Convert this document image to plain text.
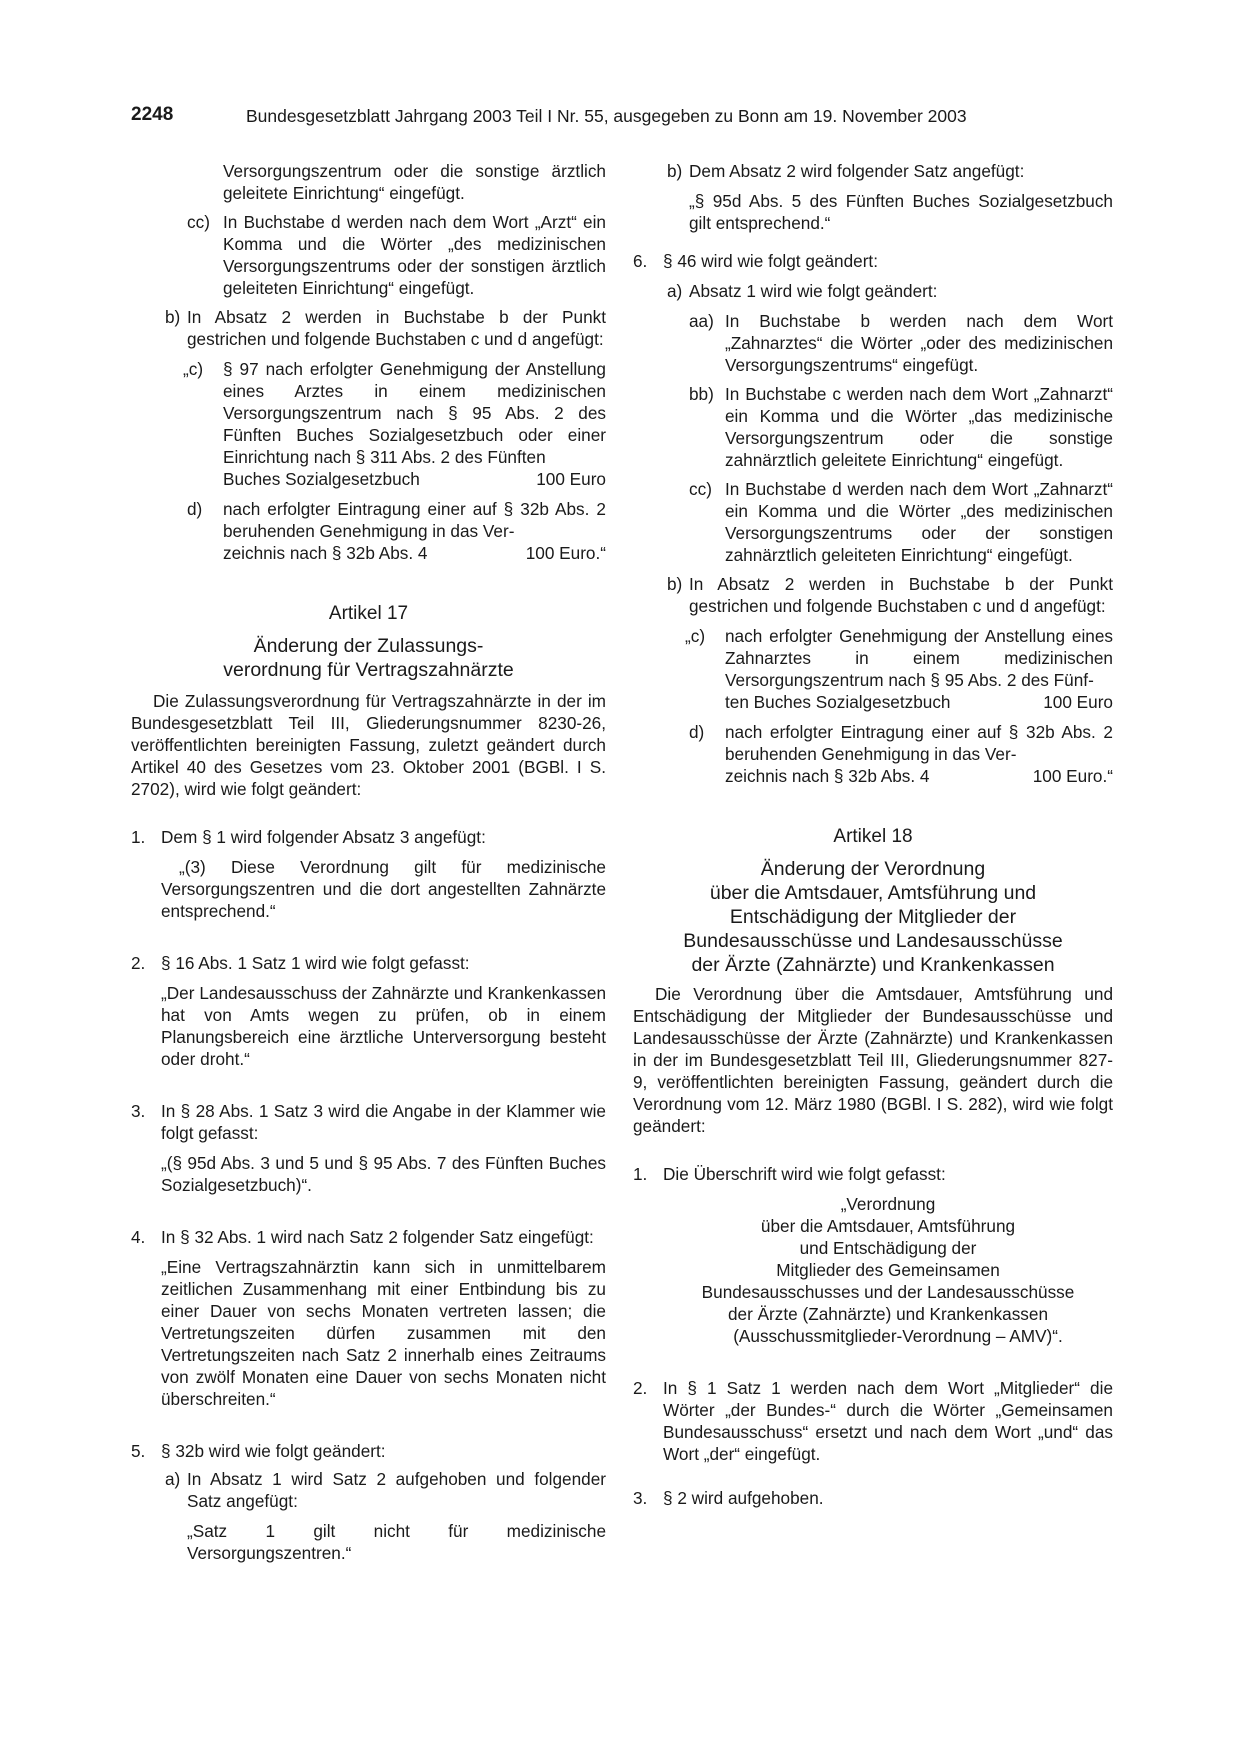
2248	Bundesgesetzblatt Jahrgang 2003 Teil I Nr. 55, ausgegeben zu Bonn am 19. November 2003
Versorgungszentrum oder die sonstige ärztlich geleitete Einrichtung“ eingefügt.
cc) In Buchstabe d werden nach dem Wort „Arzt“ ein Komma und die Wörter „des medizinischen Versorgungszentrums oder der sonstigen ärztlich geleiteten Einrichtung“ eingefügt.
b) In Absatz 2 werden in Buchstabe b der Punkt gestrichen und folgende Buchstaben c und d angefügt:
„c) § 97 nach erfolgter Genehmigung der Anstellung eines Arztes in einem medizinischen Versorgungszentrum nach § 95 Abs. 2 des Fünften Buches Sozialgesetzbuch oder einer Einrichtung nach § 311 Abs. 2 des Fünften
Buches Sozialgesetzbuch	100 Euro
d) nach erfolgter Eintragung einer auf § 32b Abs. 2 beruhenden Genehmigung in das Ver-
zeichnis nach § 32b Abs. 4	100 Euro.“
Artikel 17
Änderung der Zulassungs-
verordnung für Vertragszahnärzte
Die Zulassungsverordnung für Vertragszahnärzte in der im Bundesgesetzblatt Teil III, Gliederungsnummer 8230-26, veröffentlichten bereinigten Fassung, zuletzt geändert durch Artikel 40 des Gesetzes vom 23. Oktober 2001 (BGBl. I S. 2702), wird wie folgt geändert:
1. Dem § 1 wird folgender Absatz 3 angefügt:
„(3) Diese Verordnung gilt für medizinische Versorgungszentren und die dort angestellten Zahnärzte entsprechend.“
2. § 16 Abs. 1 Satz 1 wird wie folgt gefasst:
„Der Landesausschuss der Zahnärzte und Krankenkassen hat von Amts wegen zu prüfen, ob in einem Planungsbereich eine ärztliche Unterversorgung besteht oder droht.“
3. In § 28 Abs. 1 Satz 3 wird die Angabe in der Klammer wie folgt gefasst:
„(§ 95d Abs. 3 und 5 und § 95 Abs. 7 des Fünften Buches Sozialgesetzbuch)“.
4. In § 32 Abs. 1 wird nach Satz 2 folgender Satz eingefügt:
„Eine Vertragszahnärztin kann sich in unmittelbarem zeitlichen Zusammenhang mit einer Entbindung bis zu einer Dauer von sechs Monaten vertreten lassen; die Vertretungszeiten dürfen zusammen mit den Vertretungszeiten nach Satz 2 innerhalb eines Zeitraums von zwölf Monaten eine Dauer von sechs Monaten nicht überschreiten.“
5. § 32b wird wie folgt geändert:
a) In Absatz 1 wird Satz 2 aufgehoben und folgender Satz angefügt:
„Satz 1 gilt nicht für medizinische Versorgungszentren.“
b) Dem Absatz 2 wird folgender Satz angefügt:
„§ 95d Abs. 5 des Fünften Buches Sozialgesetzbuch gilt entsprechend.“
6. § 46 wird wie folgt geändert:
a) Absatz 1 wird wie folgt geändert:
aa) In Buchstabe b werden nach dem Wort „Zahnarztes“ die Wörter „oder des medizinischen Versorgungszentrums“ eingefügt.
bb) In Buchstabe c werden nach dem Wort „Zahnarzt“ ein Komma und die Wörter „das medizinische Versorgungszentrum oder die sonstige zahnärztlich geleitete Einrichtung“ eingefügt.
cc) In Buchstabe d werden nach dem Wort „Zahnarzt“ ein Komma und die Wörter „des medizinischen Versorgungszentrums oder der sonstigen zahnärztlich geleiteten Einrichtung“ eingefügt.
b) In Absatz 2 werden in Buchstabe b der Punkt gestrichen und folgende Buchstaben c und d angefügt:
„c) nach erfolgter Genehmigung der Anstellung eines Zahnarztes in einem medizinischen Versorgungszentrum nach § 95 Abs. 2 des Fünf-
ten Buches Sozialgesetzbuch	100 Euro
d) nach erfolgter Eintragung einer auf § 32b Abs. 2 beruhenden Genehmigung in das Ver-
zeichnis nach § 32b Abs. 4	100 Euro.“
Artikel 18
Änderung der Verordnung
über die Amtsdauer, Amtsführung und
Entschädigung der Mitglieder der
Bundesausschüsse und Landesausschüsse
der Ärzte (Zahnärzte) und Krankenkassen
Die Verordnung über die Amtsdauer, Amtsführung und Entschädigung der Mitglieder der Bundesausschüsse und Landesausschüsse der Ärzte (Zahnärzte) und Krankenkassen in der im Bundesgesetzblatt Teil III, Gliederungsnummer 827-9, veröffentlichten bereinigten Fassung, geändert durch die Verordnung vom 12. März 1980 (BGBl. I S. 282), wird wie folgt geändert:
1. Die Überschrift wird wie folgt gefasst:
„Verordnung
über die Amtsdauer, Amtsführung
und Entschädigung der
Mitglieder des Gemeinsamen
Bundesausschusses und der Landesausschüsse
der Ärzte (Zahnärzte) und Krankenkassen
(Ausschussmitglieder-Verordnung – AMV)“.
2. In § 1 Satz 1 werden nach dem Wort „Mitglieder“ die Wörter „der Bundes-“ durch die Wörter „Gemeinsamen Bundesausschuss“ ersetzt und nach dem Wort „und“ das Wort „der“ eingefügt.
3. § 2 wird aufgehoben.
